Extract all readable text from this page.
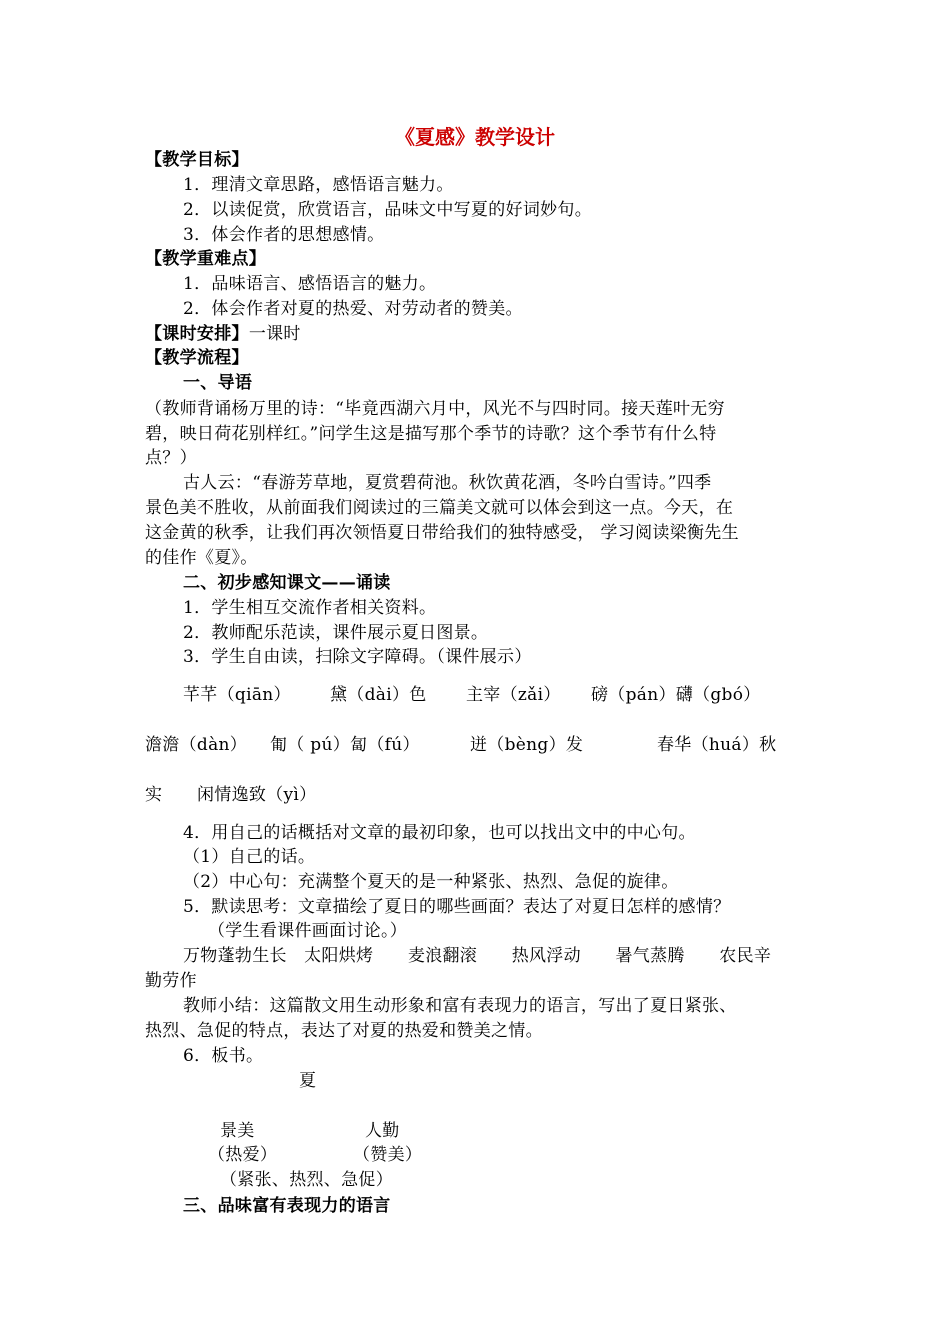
《夏感》教学设计
【教学目标】
1．理清文章思路，感悟语言魅力。
2．以读促赏，欣赏语言，品味文中写夏的好词妙句。
3．体会作者的思想感情。
【教学重难点】
1．品味语言、感悟语言的魅力。
2．体会作者对夏的热爱、对劳动者的赞美。
【课时安排】一课时
【教学流程】
一、导语
（教师背诵杨万里的诗：“毕竟西湖六月中，风光不与四时同。接天莲叶无穷
碧，映日荷花别样红。”问学生这是描写那个季节的诗歌？这个季节有什么特
点？）
古人云：“春游芳草地，夏赏碧荷池。秋饮黄花酒，冬吟白雪诗。”四季
景色美不胜收，从前面我们阅读过的三篇美文就可以体会到这一点。今天，在
这金黄的秋季，让我们再次领悟夏日带给我们的独特感受， 学习阅读梁衡先生
的佳作《夏》。
二、初步感知课文——诵读
1．学生相互交流作者相关资料。
2．教师配乐范读，课件展示夏日图景。
3．学生自由读，扫除文字障碍。（课件展示）
芊芊（qiān） 黛（dài）色 主宰（zǎi） 磅（pán）礴（gbó）
澹澹（dàn） 匍（ pú）匐（fú）	迸（bèng）发	春华（huá）秋
实 闲情逸致（yì）
4．用自己的话概括对文章的最初印象，也可以找出文中的中心句。
（1）自己的话。
（2）中心句：充满整个夏天的是一种紧张、热烈、急促的旋律。
5．默读思考：文章描绘了夏日的哪些画面？表达了对夏日怎样的感情？
（学生看课件画面讨论。）
万物蓬勃生长　太阳烘烤　　麦浪翻滚　　热风浮动　　暑气蒸腾　　农民辛
勤劳作
教师小结：这篇散文用生动形象和富有表现力的语言，写出了夏日紧张、
热烈、急促的特点，表达了对夏的热爱和赞美之情。
6．板书。
夏
景美	人勤
（热爱）	（赞美）
（紧张、热烈、急促）
三、品味富有表现力的语言
